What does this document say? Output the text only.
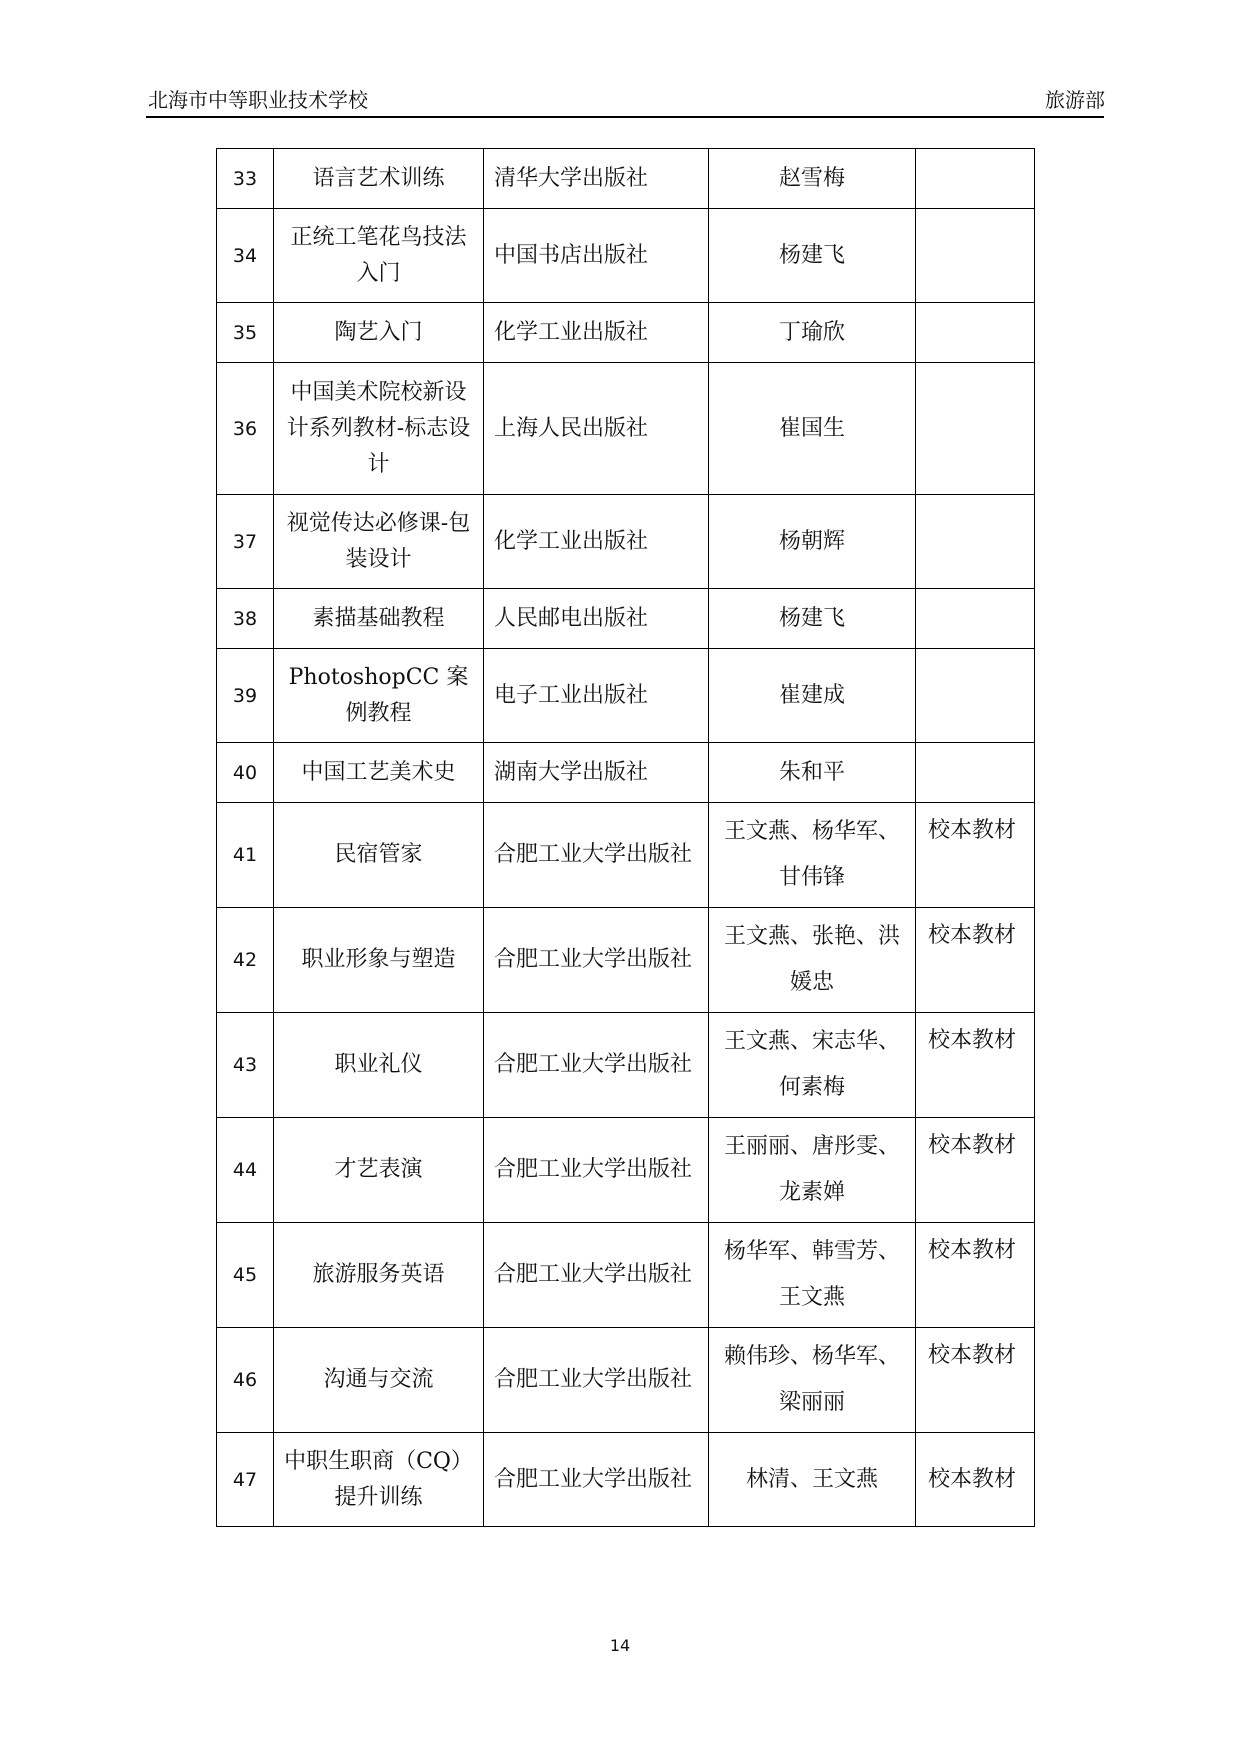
北海市中等职业技术学校	旅游部
33	语言艺术训练	清华大学出版社	赵雪梅	
34	正统工笔花鸟技法入门	中国书店出版社	杨建飞	
35	陶艺入门	化学工业出版社	丁瑜欣	
36	中国美术院校新设计系列教材-标志设计	上海人民出版社	崔国生	
37	视觉传达必修课-包装设计	化学工业出版社	杨朝辉	
38	素描基础教程	人民邮电出版社	杨建飞	
39	PhotoshopCC 案例教程	电子工业出版社	崔建成	
40	中国工艺美术史	湖南大学出版社	朱和平	
41	民宿管家	合肥工业大学出版社	王文燕、杨华军、甘伟锋	校本教材
42	职业形象与塑造	合肥工业大学出版社	王文燕、张艳、洪媛忠	校本教材
43	职业礼仪	合肥工业大学出版社	王文燕、宋志华、何素梅	校本教材
44	才艺表演	合肥工业大学出版社	王丽丽、唐彤雯、龙素婵	校本教材
45	旅游服务英语	合肥工业大学出版社	杨华军、韩雪芳、王文燕	校本教材
46	沟通与交流	合肥工业大学出版社	赖伟珍、杨华军、梁丽丽	校本教材
47	中职生职商（CQ）提升训练	合肥工业大学出版社	林清、王文燕	校本教材
14
